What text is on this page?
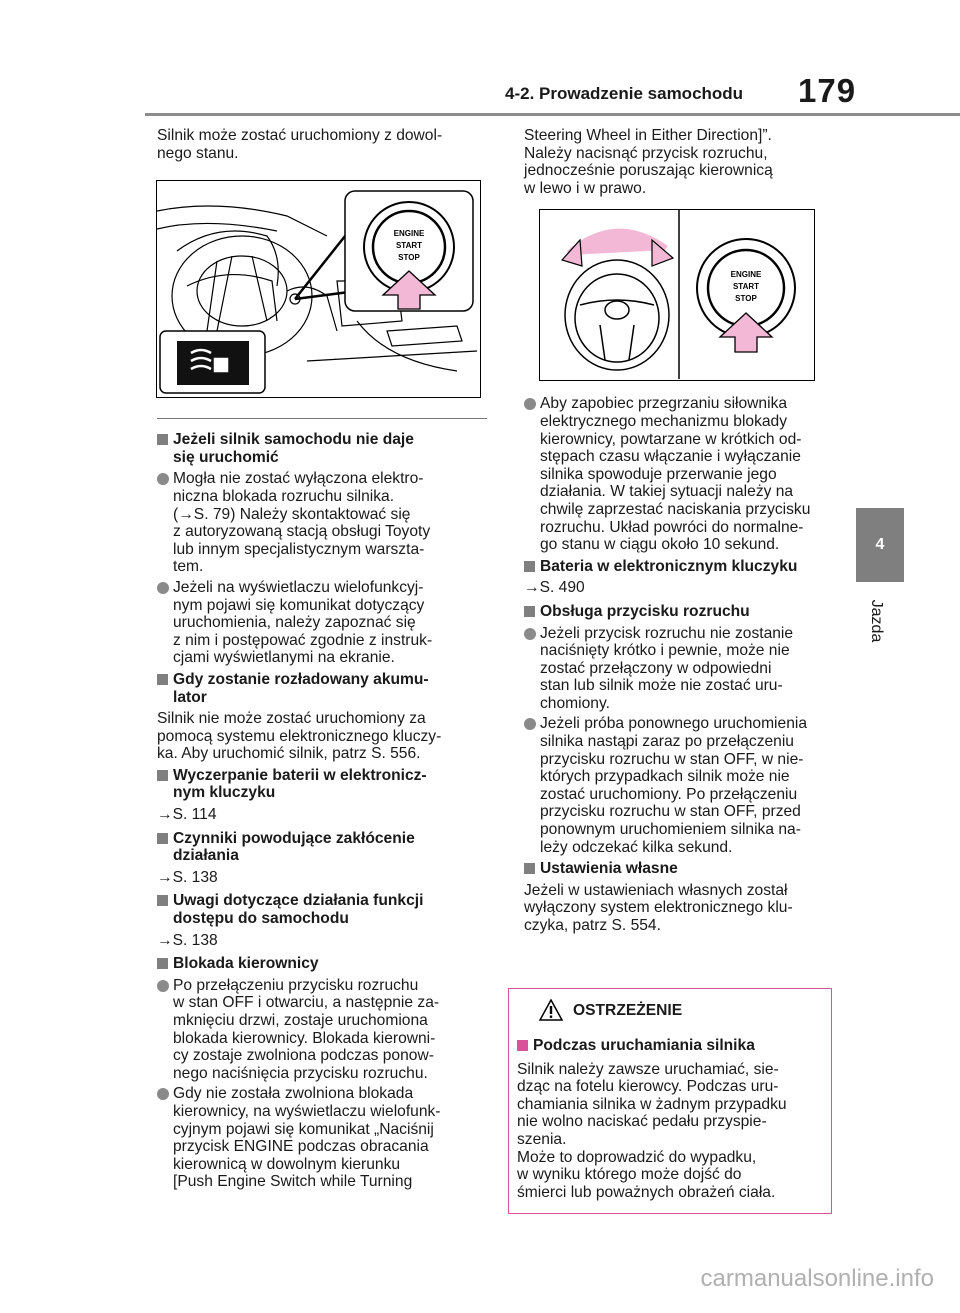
4-2. Prowadzenie samochodu 179
4
Jazda

Silnik może zostać uruchomiony z dowol-
nego stanu.

ENGINE
START
STOP
Jeżeli silnik samochodu nie daje
się uruchomić
Mogła nie zostać wyłączona elektro-
niczna blokada rozruchu silnika.
(→S. 79) Należy skontaktować się
z autoryzowaną stacją obsługi Toyoty
lub innym specjalistycznym warszta-
tem.
Jeżeli na wyświetlaczu wielofunkcyj-
nym pojawi się komunikat dotyczący
uruchomienia, należy zapoznać się
z nim i postępować zgodnie z instruk-
cjami wyświetlanymi na ekranie.
Gdy zostanie rozładowany akumu-
lator

Silnik nie może zostać uruchomiony za
pomocą systemu elektronicznego kluczy-
ka. Aby uruchomić silnik, patrz S. 556.

Wyczerpanie baterii w elektronicz-
nym kluczyku
→S. 114
Czynniki powodujące zakłócenie
działania
→S. 138
Uwagi dotyczące działania funkcji
dostępu do samochodu
→S. 138
Blokada kierownicy
Po przełączeniu przycisku rozruchu
w stan OFF i otwarciu, a następnie za-
mknięciu drzwi, zostaje uruchomiona
blokada kierownicy. Blokada kierowni-
cy zostaje zwolniona podczas ponow-
nego naciśnięcia przycisku rozruchu.
Gdy nie została zwolniona blokada
kierownicy, na wyświetlaczu wielofunk-
cyjnym pojawi się komunikat „Naciśnij
przycisk ENGINE podczas obracania
kierownicą w dowolnym kierunku
[Push Engine Switch while Turning

Steering Wheel in Either Direction]”.
Należy nacisnąć przycisk rozruchu,
jednocześnie poruszając kierownicą
w lewo i w prawo.

ENGINE
START
STOP
Aby zapobiec przegrzaniu siłownika
elektrycznego mechanizmu blokady
kierownicy, powtarzane w krótkich od-
stępach czasu włączanie i wyłączanie
silnika spowoduje przerwanie jego
działania. W takiej sytuacji należy na
chwilę zaprzestać naciskania przycisku
rozruchu. Układ powróci do normalne-
go stanu w ciągu około 10 sekund.
Bateria w elektronicznym kluczyku
→S. 490
Obsługa przycisku rozruchu
Jeżeli przycisk rozruchu nie zostanie
naciśnięty krótko i pewnie, może nie
zostać przełączony w odpowiedni
stan lub silnik może nie zostać uru-
chomiony.
Jeżeli próba ponownego uruchomienia
silnika nastąpi zaraz po przełączeniu
przycisku rozruchu w stan OFF, w nie-
których przypadkach silnik może nie
zostać uruchomiony. Po przełączeniu
przycisku rozruchu w stan OFF, przed
ponownym uruchomieniem silnika na-
leży odczekać kilka sekund.
Ustawienia własne

Jeżeli w ustawieniach własnych został
wyłączony system elektronicznego klu-
czyka, patrz S. 554.

OSTRZEŻENIE
Podczas uruchamiania silnika

Silnik należy zawsze uruchamiać, sie-
dząc na fotelu kierowcy. Podczas uru-
chamiania silnika w żadnym przypadku
nie wolno naciskać pedału przyspie-
szenia.
Może to doprowadzić do wypadku,
w wyniku którego może dojść do
śmierci lub poważnych obrażeń ciała.

carmanualsonline.info
